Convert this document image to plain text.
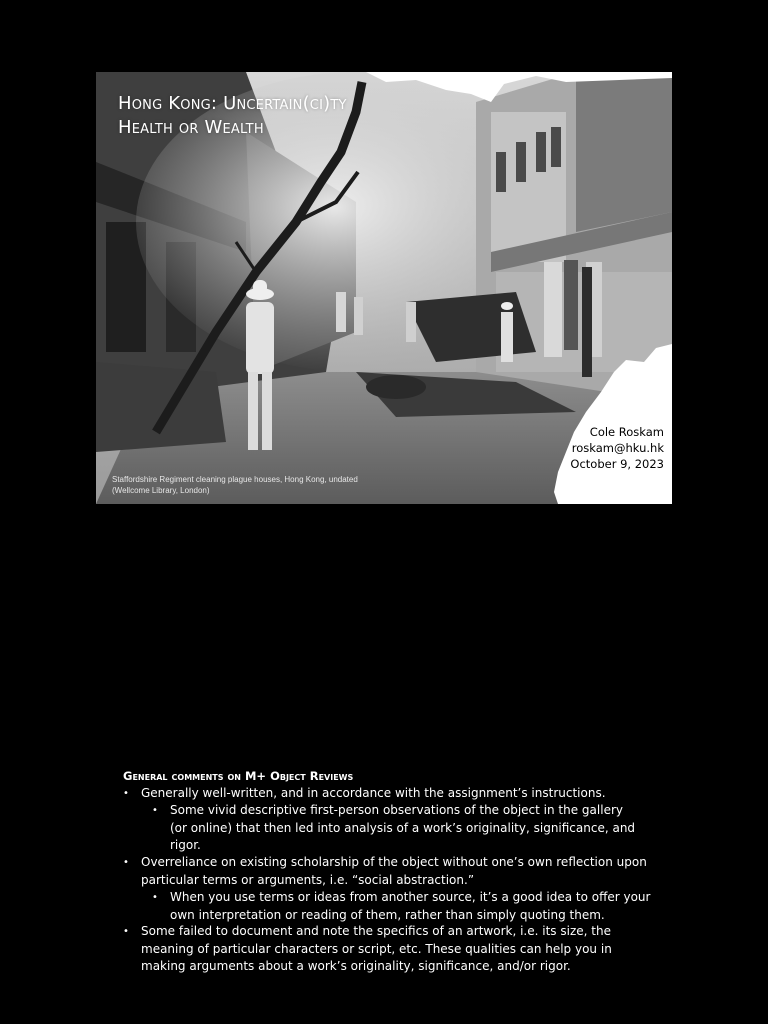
Hong Kong: Uncertain(ci)ty
Health or Wealth
Cole Roskam
roskam@hku.hk
October 9, 2023
Staffordshire Regiment cleaning plague houses, Hong Kong, undated
(Wellcome Library, London)
General comments on M+ Object Reviews
•	Generally well-written, and in accordance with the assignment’s instructions.
•	Some vivid descriptive first-person observations of the object in the gallery (or online) that then led into analysis of a work’s originality, significance, and rigor.
•	Overreliance on existing scholarship of the object without one’s own reflection upon particular terms or arguments, i.e. “social abstraction.”
•	When you use terms or ideas from another source, it’s a good idea to offer your own interpretation or reading of them, rather than simply quoting them.
•	Some failed to document and note the specifics of an artwork, i.e. its size, the meaning of particular characters or script, etc. These qualities can help you in making arguments about a work’s originality, significance, and/or rigor.
